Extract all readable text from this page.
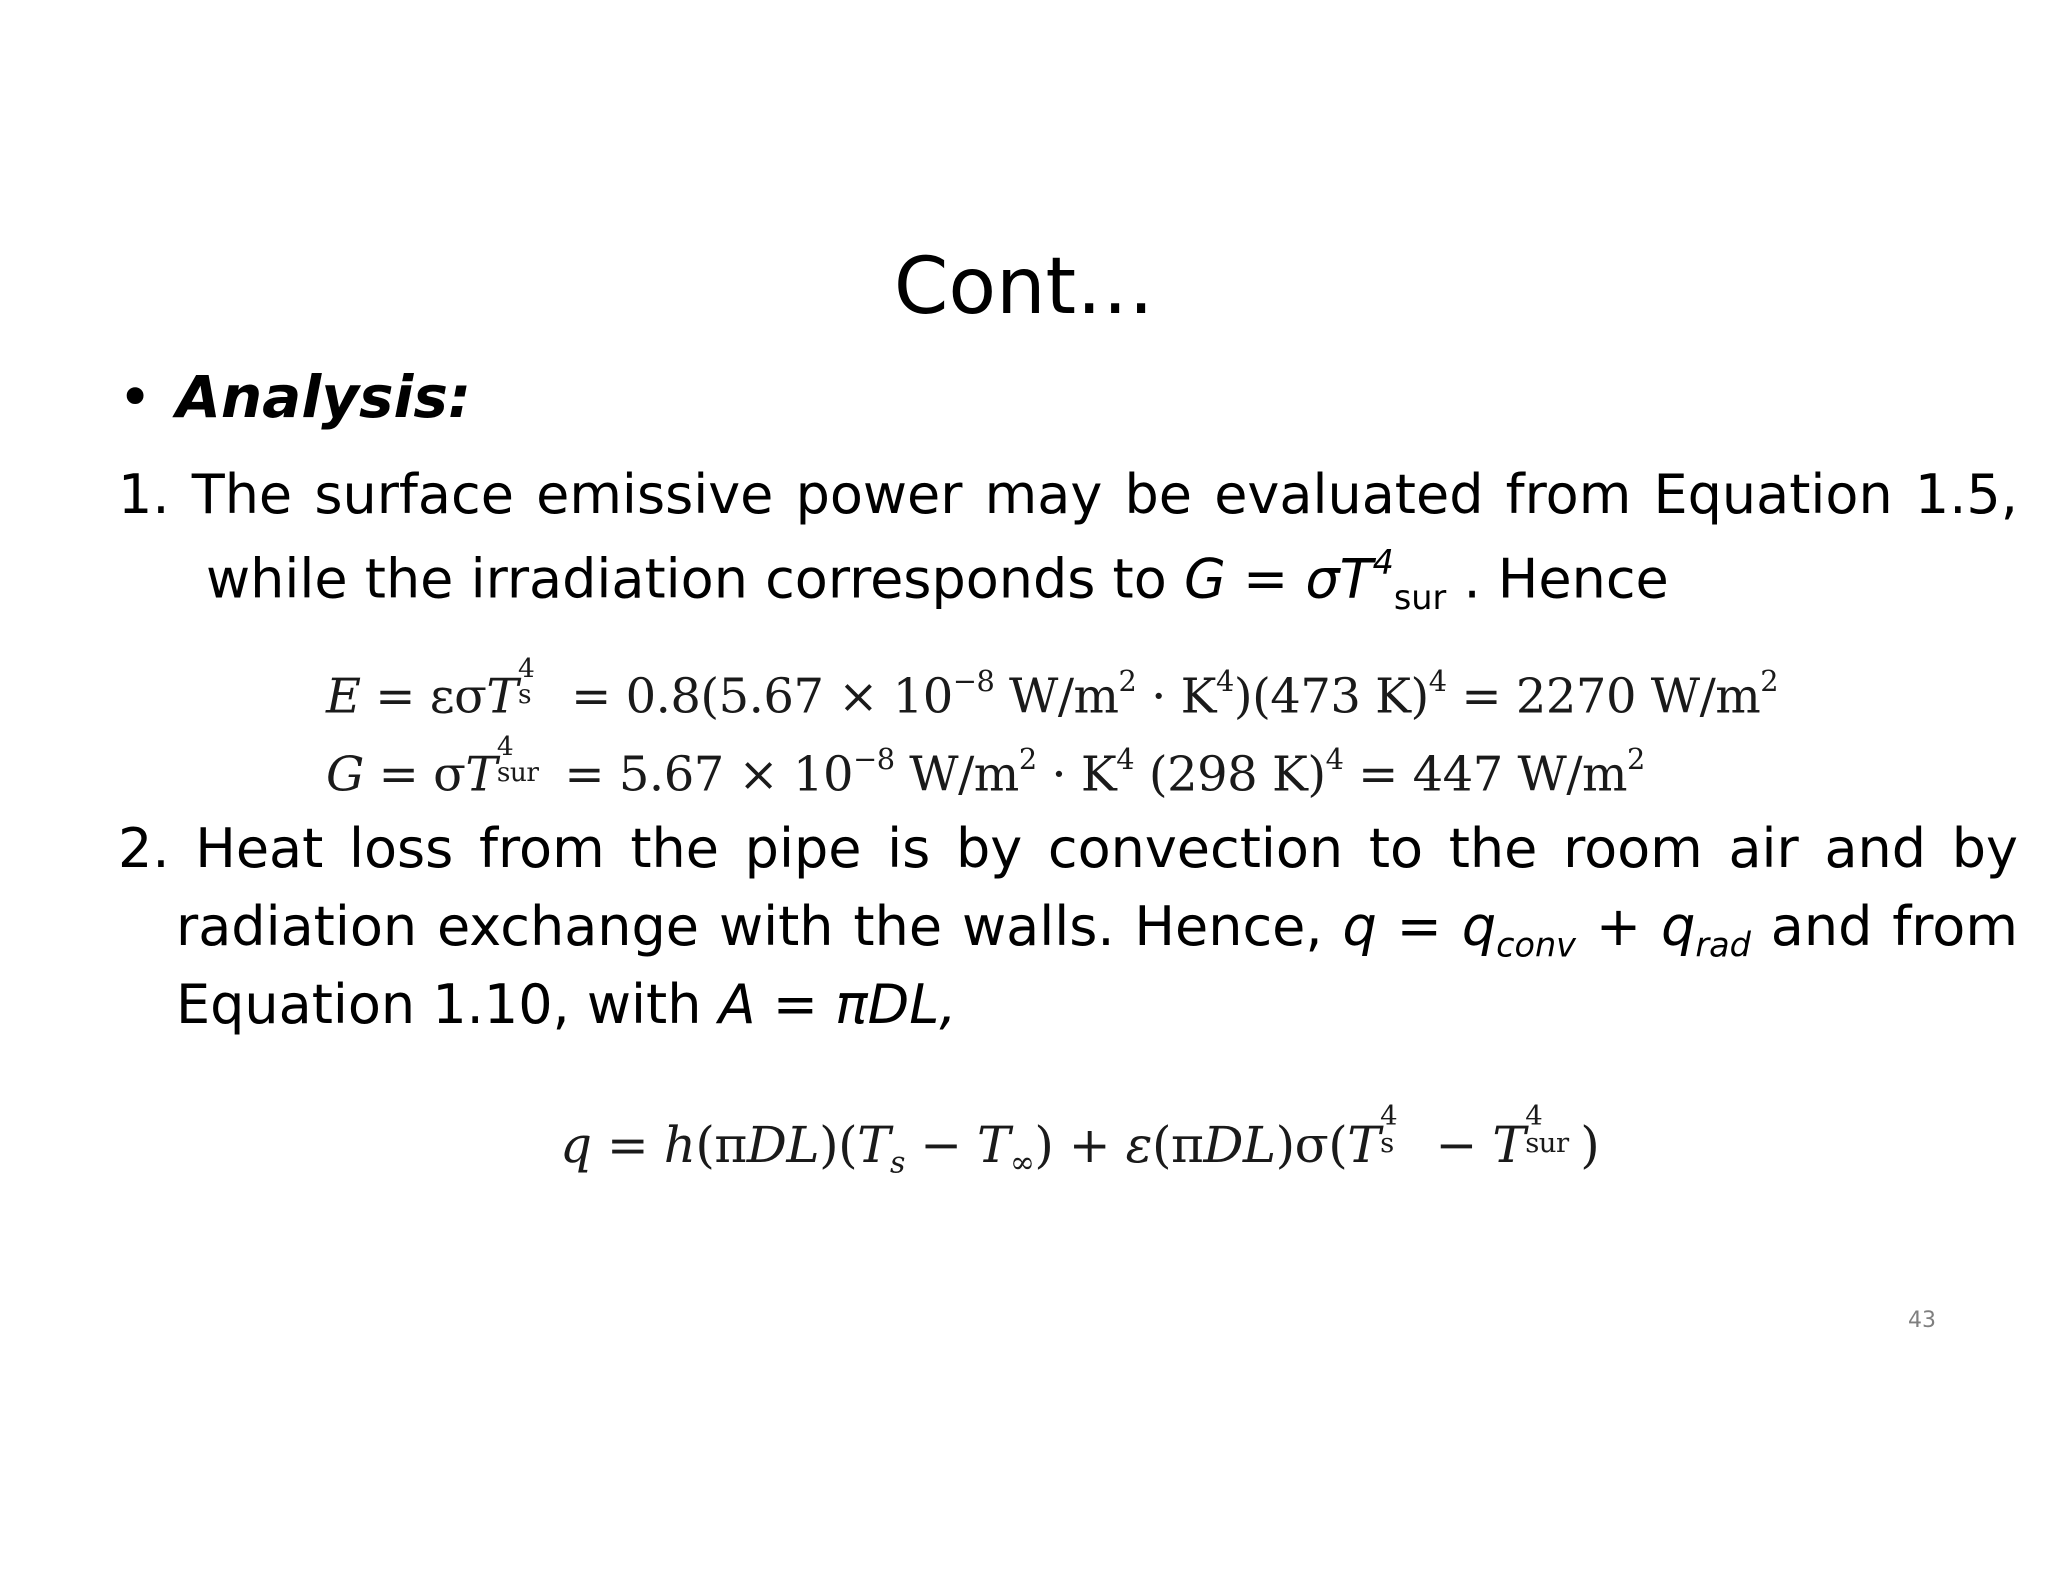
Cont…
• Analysis:
1. The surface emissive power may be evaluated from Equation 1.5,
while the irradiation corresponds to $G = \sigma T^4_{sur}$ . Hence
E = εσT
4
$s = 0.8(5.67 \times 10^{-8}$ $W/m^2 \cdot K^4)(473$ K)$^4$ = 2270 $W/m^2$
G = σT
4
sur = $5.67 \times 10^{-8}$ $W/m^2 \cdot K^4$ (298 K)$^4$ = 447 $W/m^2$
2. Heat loss from the pipe is by convection to the room air and by
radiation exchange with the walls. Hence, $q = q_{conv} + q_{rad}$ and from
Equation 1.10, with A = πDL,
$q = h(\pi DL)(T_s - T_\infty) + \varepsilon(\pi DL)\sigma(T$
4
s − T
4
sur )
43
